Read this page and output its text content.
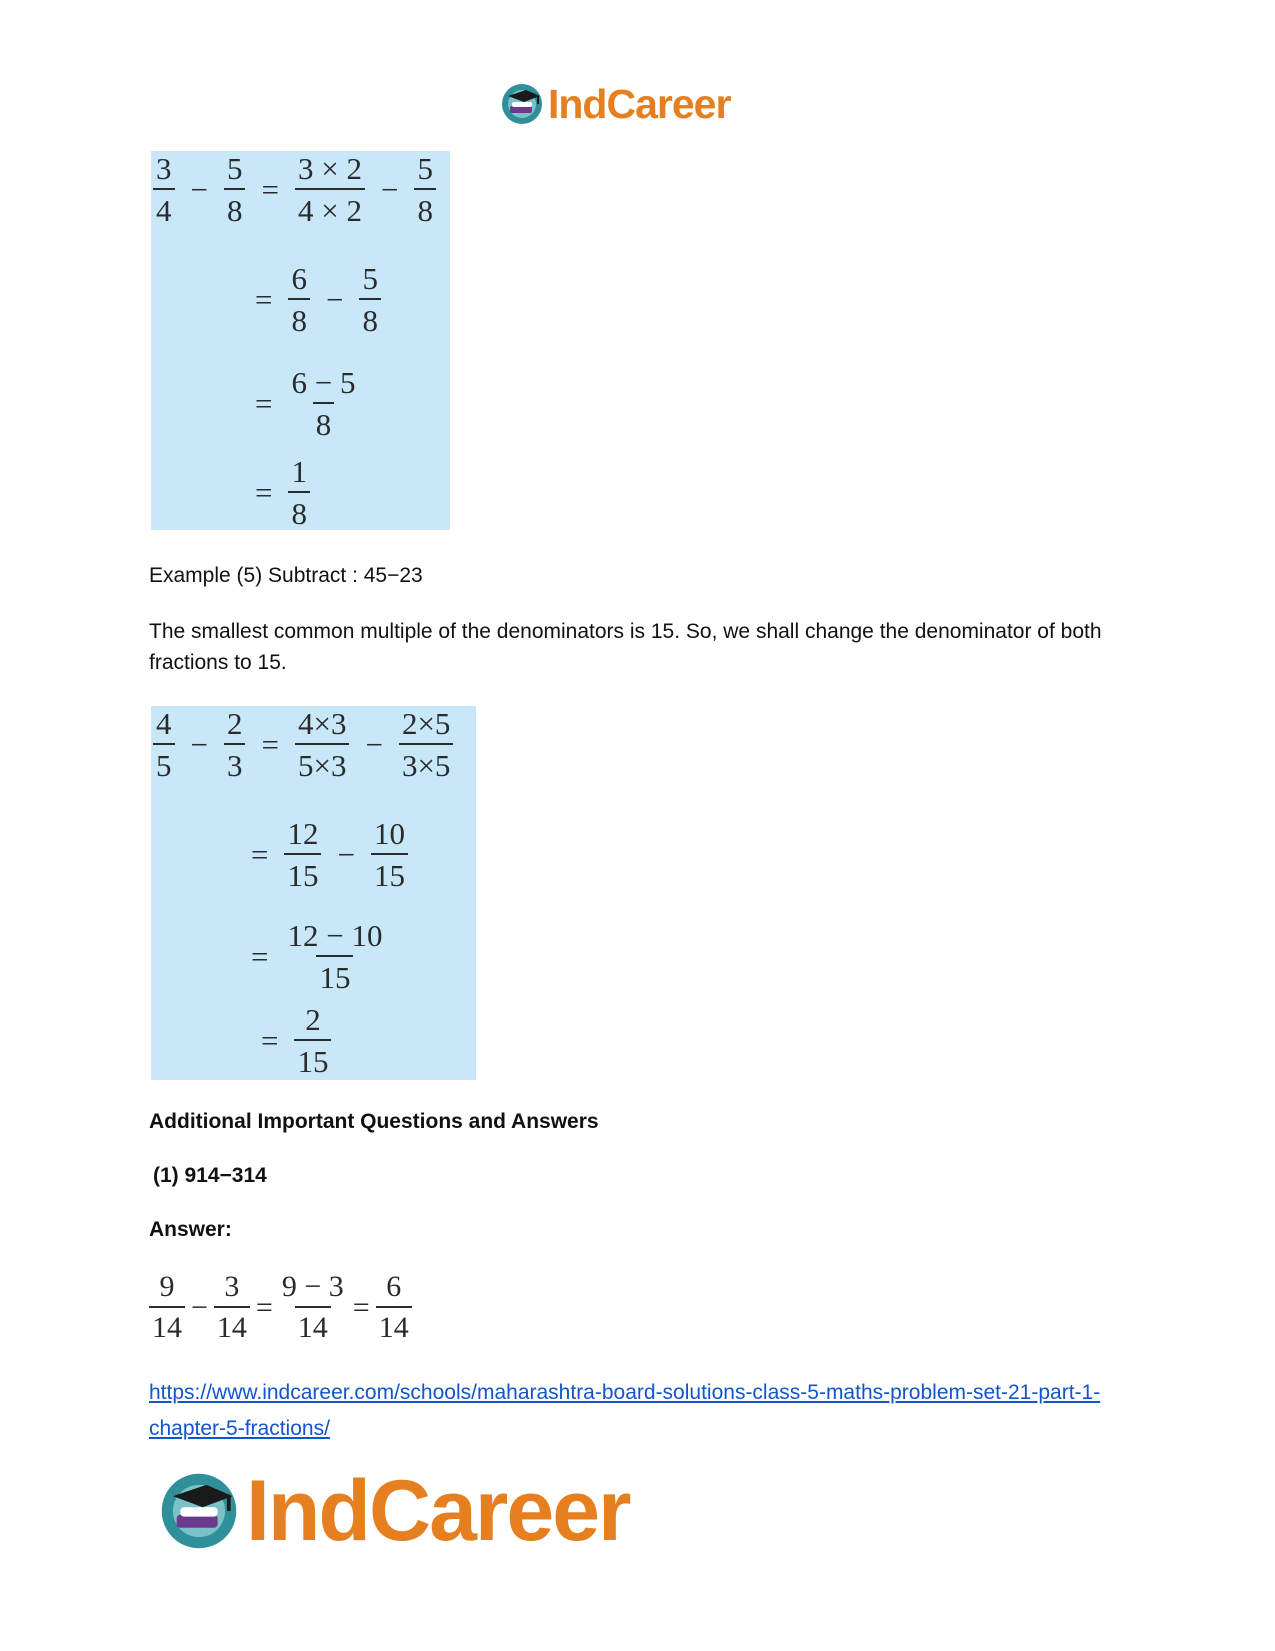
IndCareer
$\frac{3}{4} - \frac{5}{8} = \frac{3 \times 2}{4 \times 2} - \frac{5}{8}$
= $\frac{6}{8} - \frac{5}{8}$
= $\frac{6 - 5}{8}$
= $\frac{1}{8}$

Example (5) Subtract : 45−23

The smallest common multiple of the denominators is 15. So, we shall change the denominator of both fractions to 15.

$\frac{4}{5} - \frac{2}{3} = \frac{4\times 3}{5\times 3} - \frac{2\times 5}{3\times 5}$
= $\frac{12}{15} - \frac{10}{15}$
= $\frac{12 - 10}{15}$
= $\frac{2}{15}$

Additional Important Questions and Answers

(1) 914−314

Answer:

$\frac{9}{14} - \frac{3}{14} = \frac{9 - 3}{14} = \frac{6}{14}$
https://www.indcareer.com/schools/maharashtra-board-solutions-class-5-maths-problem-set-21-part-1-chapter-5-fractions/
IndCareer
